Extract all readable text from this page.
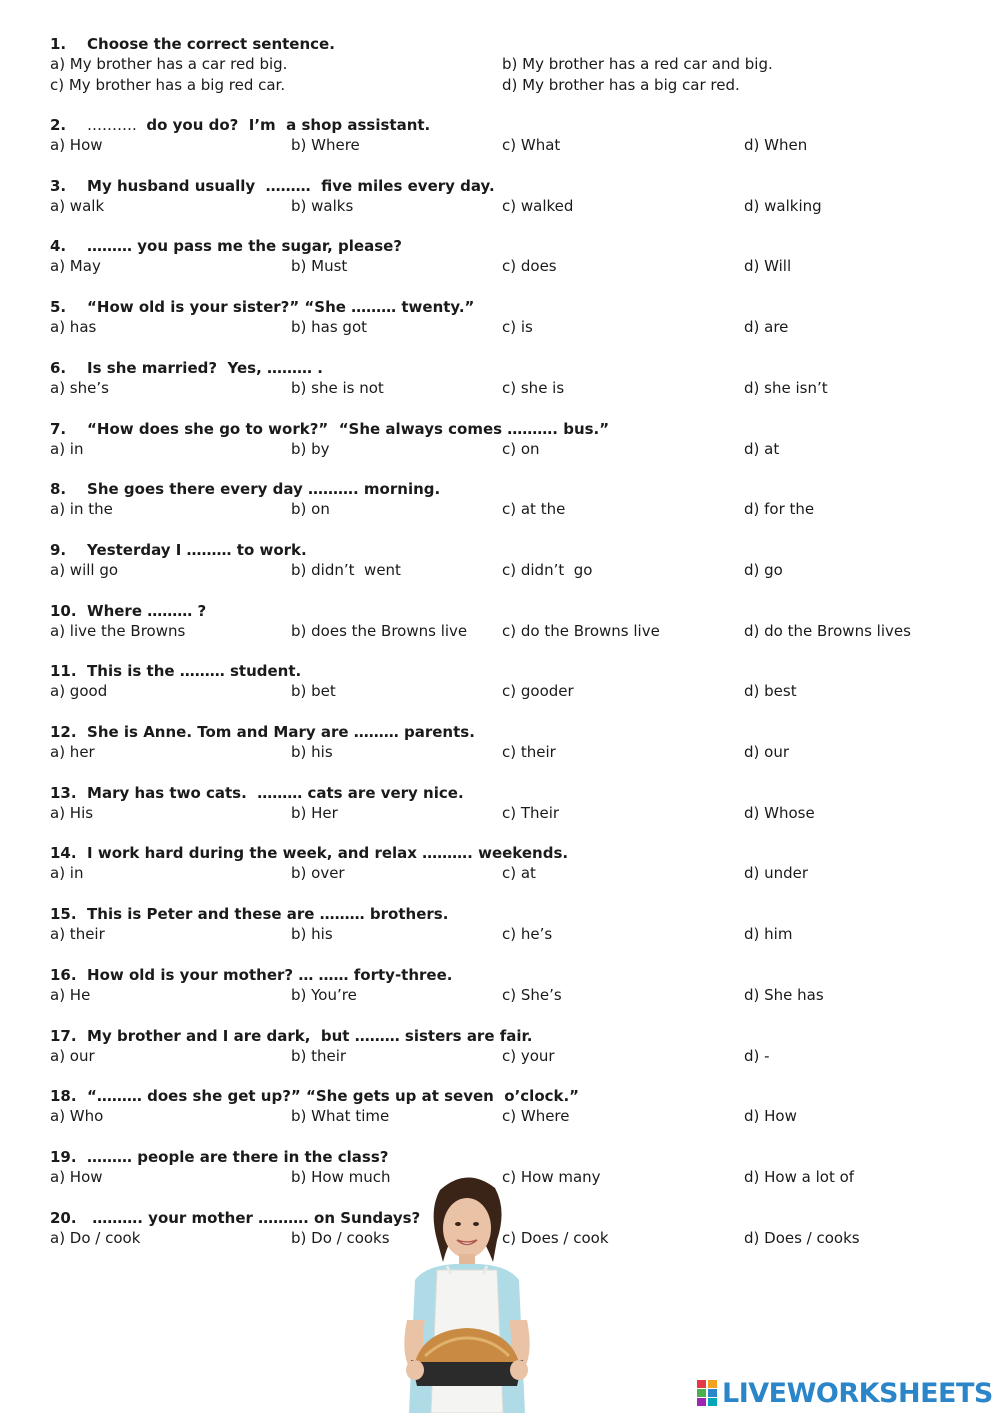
1. Choose the correct sentence.
a) My brother has a car red big.	b) My brother has a red car and big.
c) My brother has a big red car.	d) My brother has a big car red.
2. ……….  do you do?  I’m  a shop assistant.
a) How	b) Where	c) What	d) When
3. My husband usually  ………  five miles every day.
a) walk	b) walks	c) walked	d) walking
4. ……… you pass me the sugar, please?
a) May	b) Must	c) does	d) Will
5. “How old is your sister?” “She ……… twenty.”
a) has	b) has got	c) is	d) are
6. Is she married?  Yes, ……… .
a) she’s	b) she is not	c) she is	d) she isn’t
7. “How does she go to work?”  “She always comes ………. bus.”
a) in	b) by	c) on	d) at
8. She goes there every day ………. morning.
a) in the	b) on	c) at the	d) for the
9. Yesterday I ……… to work.
a) will go	b) didn’t  went	c) didn’t  go	d) go
10. Where ……… ?
a) live the Browns	b) does the Browns live c) do the Browns live	d) do the Browns lives
11. This is the ……… student.
a) good	b) bet	c) gooder	d) best
12. She is Anne. Tom and Mary are ……… parents.
a) her	b) his	c) their	d) our
13. Mary has two cats.  ……… cats are very nice.
a) His	b) Her	c) Their	d) Whose
14. I work hard during the week, and relax ………. weekends.
a) in	b) over	c) at	d) under
15. This is Peter and these are ……… brothers.
a) their	b) his	c) he’s	d) him
16. How old is your mother? … …… forty-three.
a) He	b) You’re	c) She’s	d) She has
17. My brother and I are dark,  but ……… sisters are fair.
a) our	b) their	c) your	d) -
18. “……… does she get up?” “She gets up at seven  o’clock.”
a) Who	b) What time	c) Where	d) How
19. ……… people are there in the class?
a) How	b) How much	c) How many	d) How a lot of
20.   ………. your mother ………. on Sundays?
a) Do / cook	b) Do / cooks	c) Does / cook	d) Does / cooks
LIVEWORKSHEETS
